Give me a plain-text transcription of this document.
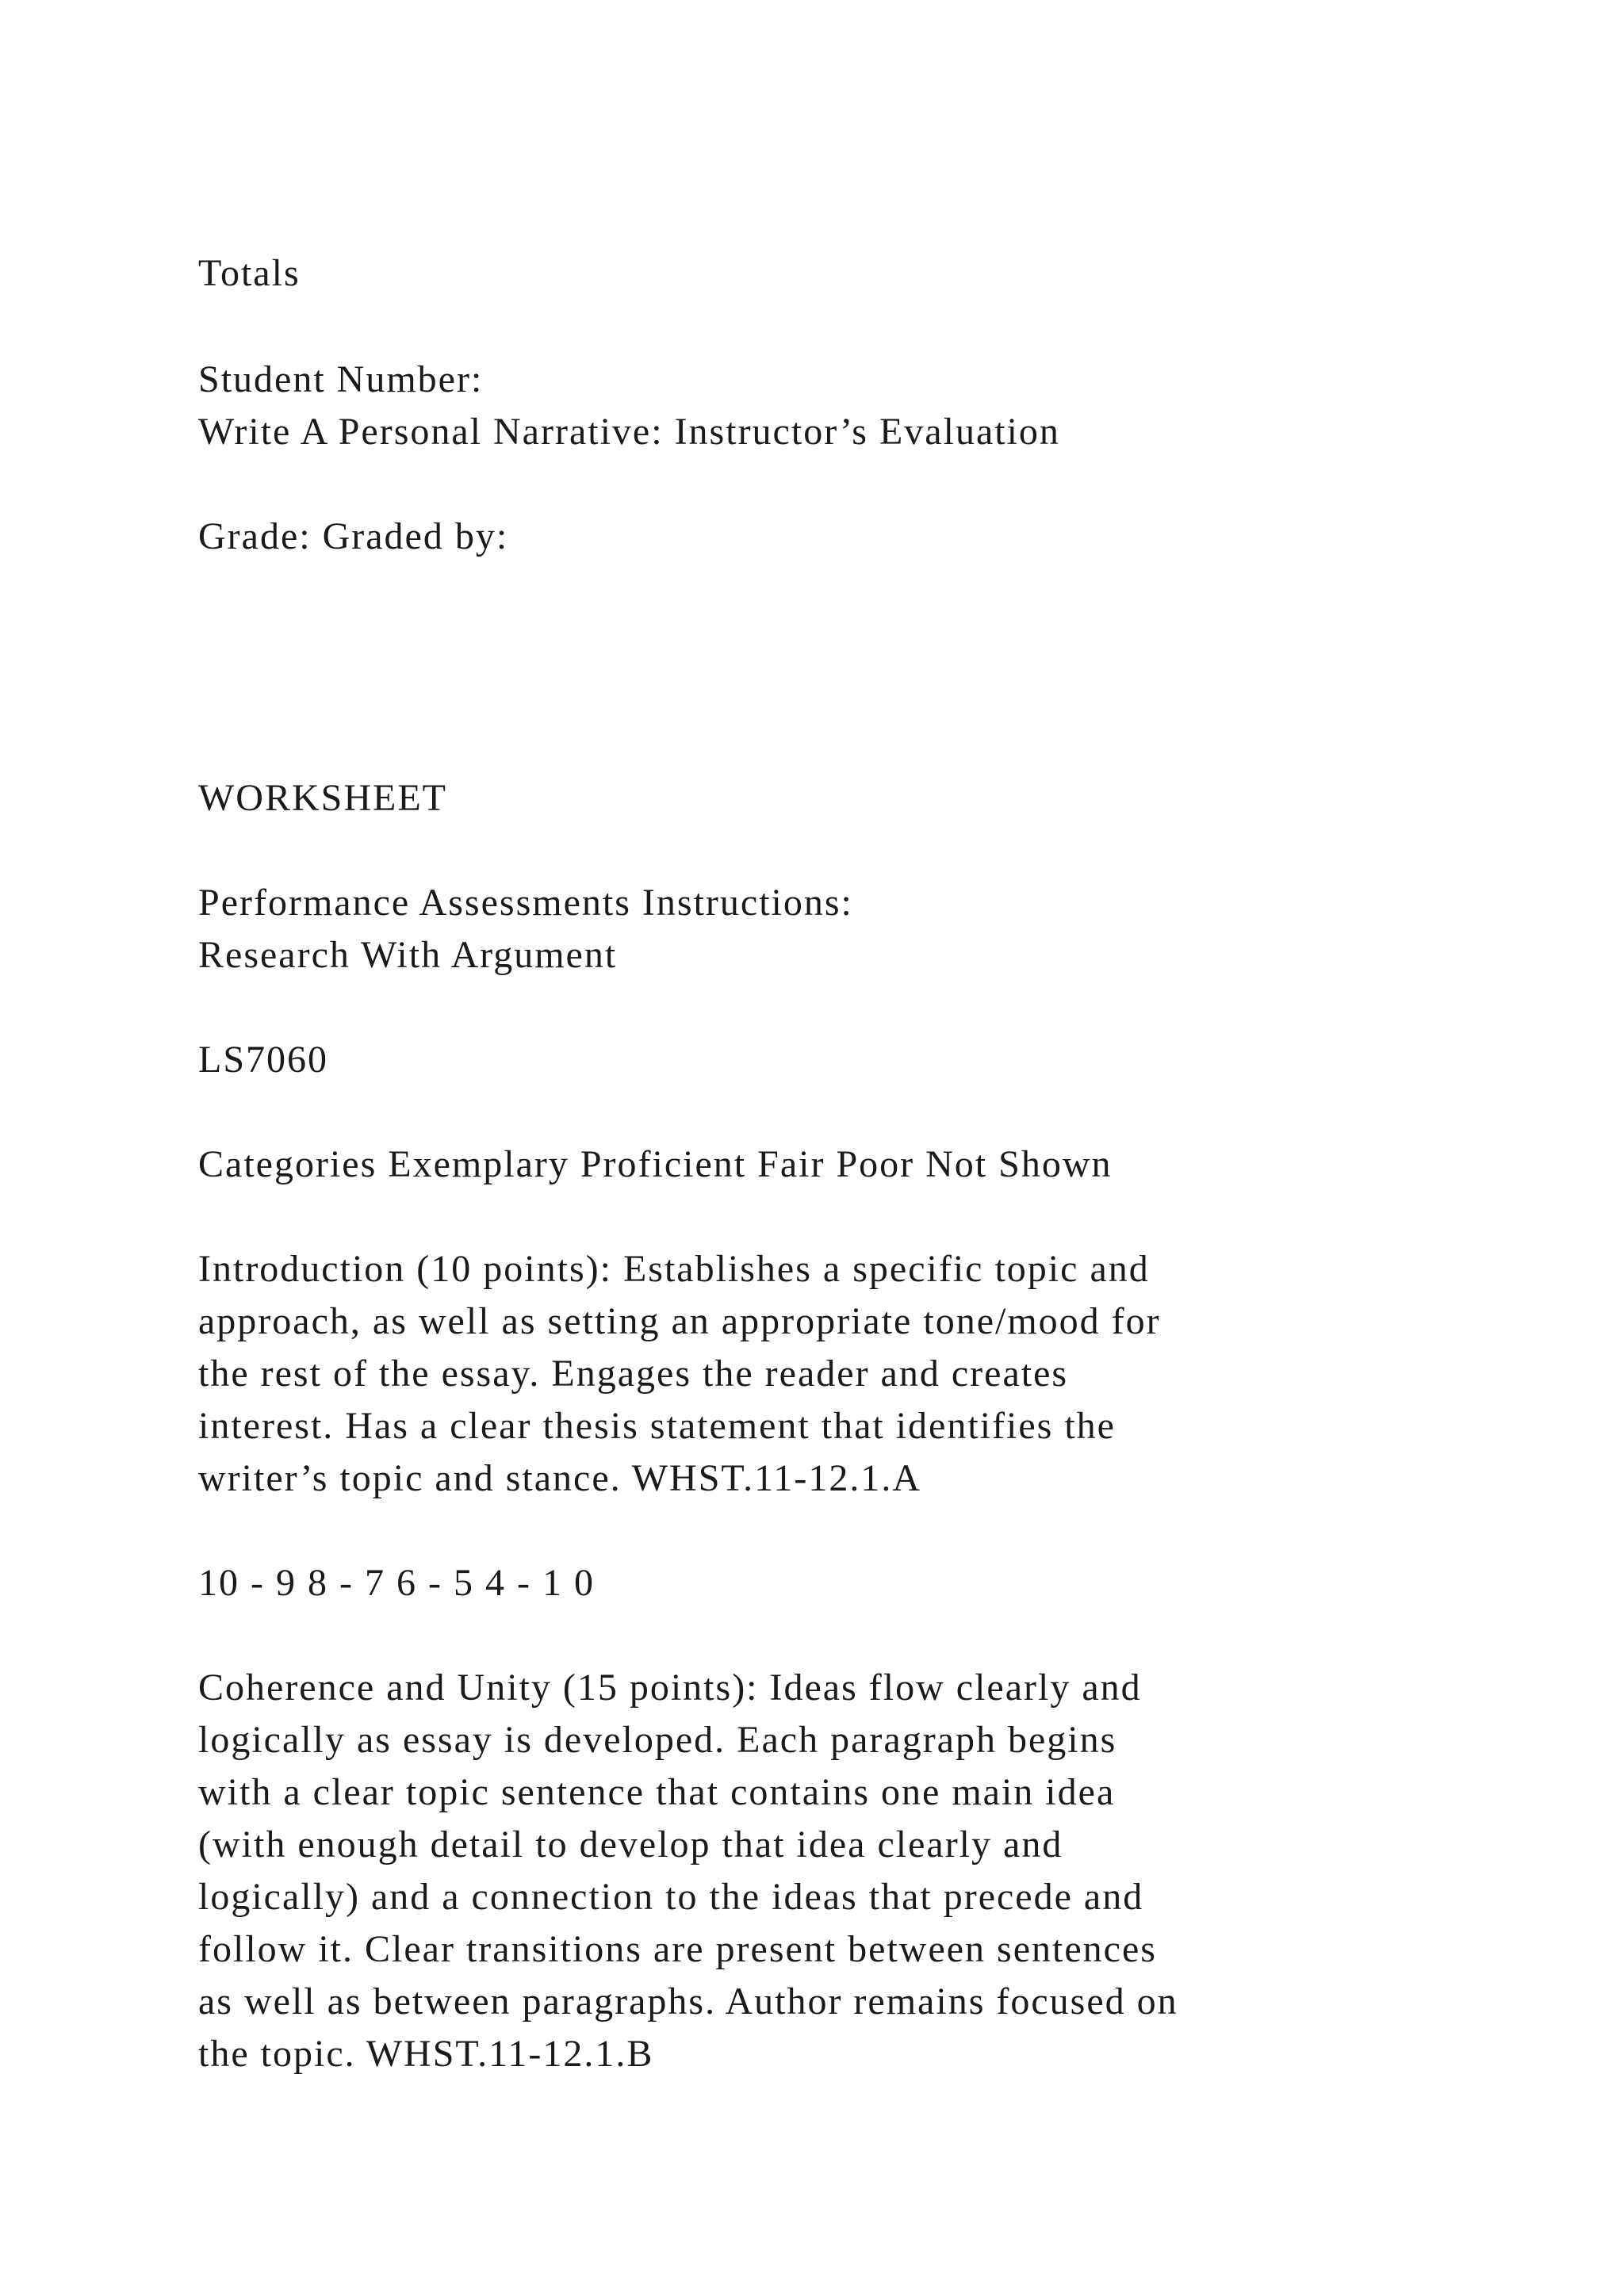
Totals

Student Number:

Write A Personal Narrative: Instructor’s Evaluation

Grade: Graded by:

WORKSHEET

Performance Assessments Instructions:

Research With Argument

LS7060

Categories Exemplary Proficient Fair Poor Not Shown

Introduction (10 points): Establishes a specific topic and
approach, as well as setting an appropriate tone/mood for
the rest of the essay. Engages the reader and creates
interest. Has a clear thesis statement that identifies the
writer’s topic and stance. WHST.11-12.1.A

10 - 9 8 - 7 6 - 5 4 - 1 0

Coherence and Unity (15 points): Ideas flow clearly and
logically as essay is developed. Each paragraph begins
with a clear topic sentence that contains one main idea
(with enough detail to develop that idea clearly and
logically) and a connection to the ideas that precede and
follow it. Clear transitions are present between sentences
as well as between paragraphs. Author remains focused on
the topic. WHST.11-12.1.B
